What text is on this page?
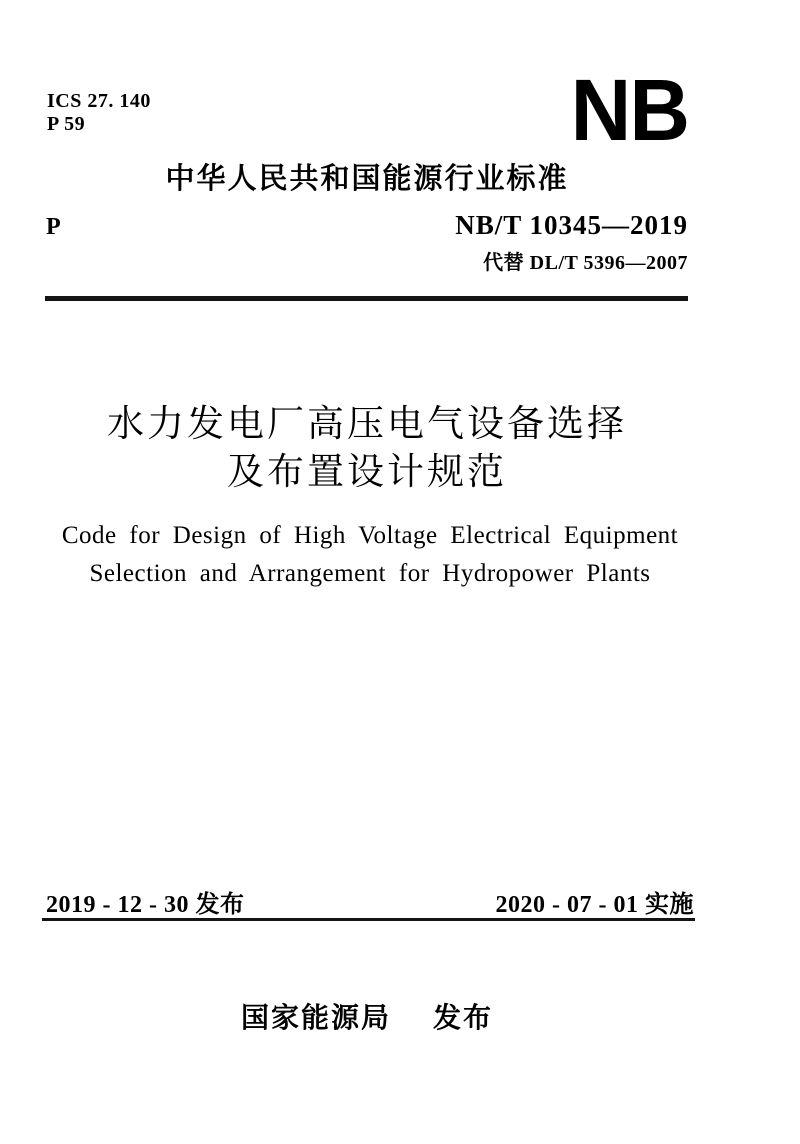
ICS 27. 140
P 59	NB
中华人民共和国能源行业标准
P	NB/T 10345—2019
代替 DL/T 5396—2007
水力发电厂高压电气设备选择
及布置设计规范
Code for Design of High Voltage Electrical Equipment
Selection and Arrangement for Hydropower Plants
2019 - 12 - 30 发布	2020 - 07 - 01 实施
国家能源局 发布
